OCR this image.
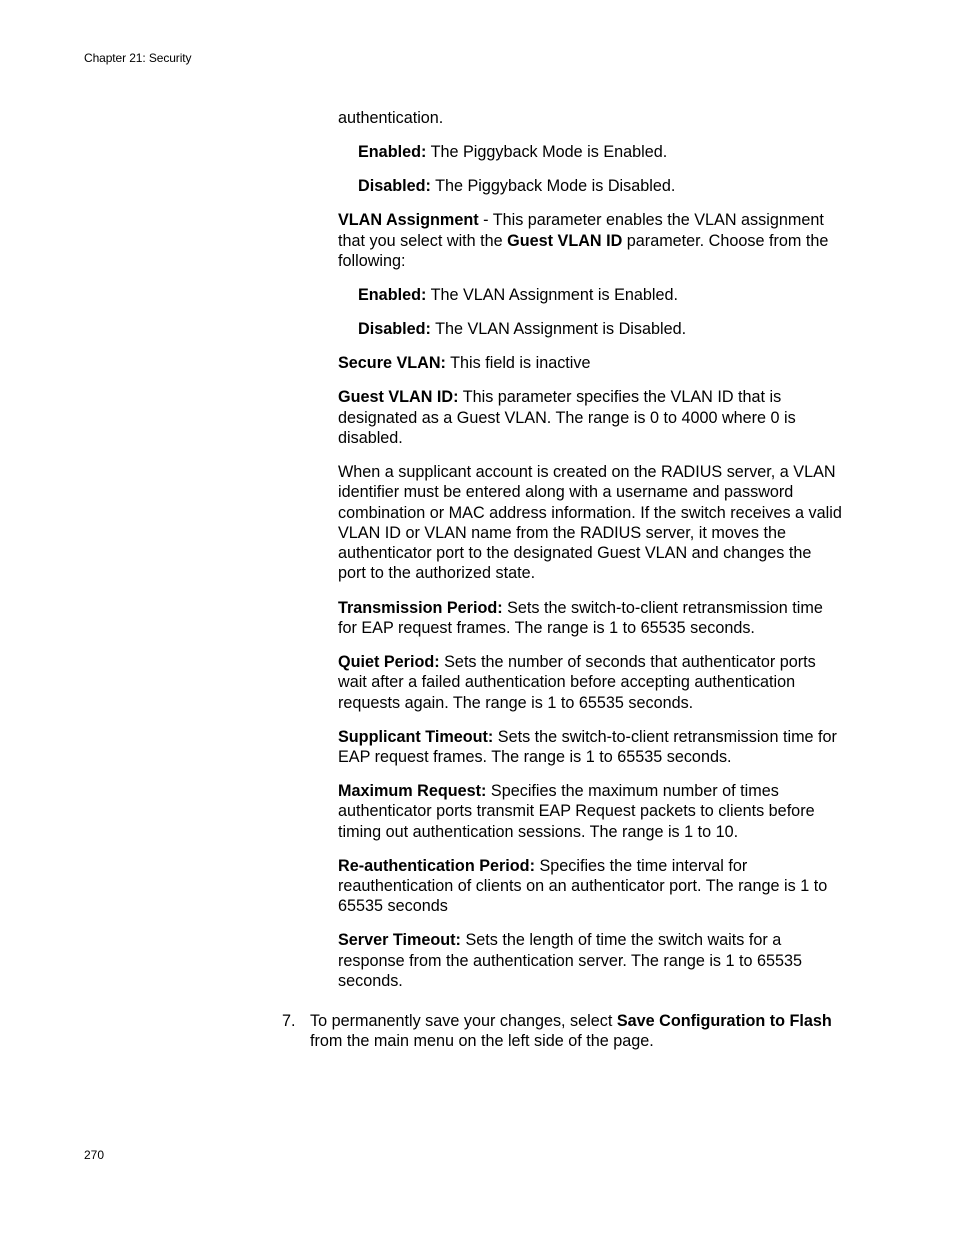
Chapter 21: Security

authentication.

Enabled: The Piggyback Mode is Enabled.

Disabled: The Piggyback Mode is Disabled.

VLAN Assignment - This parameter enables the VLAN assignment that you select with the Guest VLAN ID parameter. Choose from the following:

Enabled: The VLAN Assignment is Enabled.

Disabled: The VLAN Assignment is Disabled.

Secure VLAN: This field is inactive

Guest VLAN ID: This parameter specifies the VLAN ID that is designated as a Guest VLAN. The range is 0 to 4000 where 0 is disabled.

When a supplicant account is created on the RADIUS server, a VLAN identifier must be entered along with a username and password combination or MAC address information. If the switch receives a valid VLAN ID or VLAN name from the RADIUS server, it moves the authenticator port to the designated Guest VLAN and changes the port to the authorized state.

Transmission Period: Sets the switch-to-client retransmission time for EAP request frames. The range is 1 to 65535 seconds.

Quiet Period: Sets the number of seconds that authenticator ports wait after a failed authentication before accepting authentication requests again. The range is 1 to 65535 seconds.

Supplicant Timeout: Sets the switch-to-client retransmission time for EAP request frames. The range is 1 to 65535 seconds.

Maximum Request: Specifies the maximum number of times authenticator ports transmit EAP Request packets to clients before timing out authentication sessions. The range is 1 to 10.

Re-authentication Period: Specifies the time interval for reauthentication of clients on an authenticator port. The range is 1 to 65535 seconds

Server Timeout: Sets the length of time the switch waits for a response from the authentication server. The range is 1 to 65535 seconds.

7. To permanently save your changes, select Save Configuration to Flash from the main menu on the left side of the page.
270
